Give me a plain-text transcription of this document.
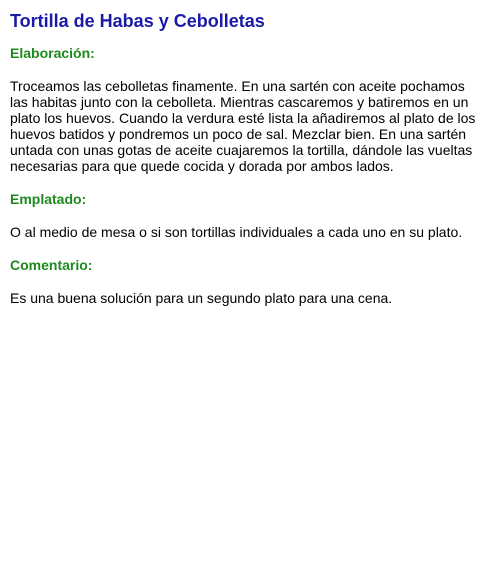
Tortilla de Habas y Cebolletas
Elaboración:

Troceamos las cebolletas finamente. En una sartén con aceite pochamos las habitas junto con la cebolleta. Mientras cascaremos y batiremos en un plato los huevos. Cuando la verdura esté lista la añadiremos al plato de los huevos batidos y pondremos un poco de sal. Mezclar bien. En una sartén untada con unas gotas de aceite cuajaremos la tortilla, dándole las vueltas necesarias para que quede cocida y dorada por ambos lados.

Emplatado:

O al medio de mesa o si son tortillas individuales a cada uno en su plato.

Comentario:

Es una buena solución para un segundo plato para una cena.
